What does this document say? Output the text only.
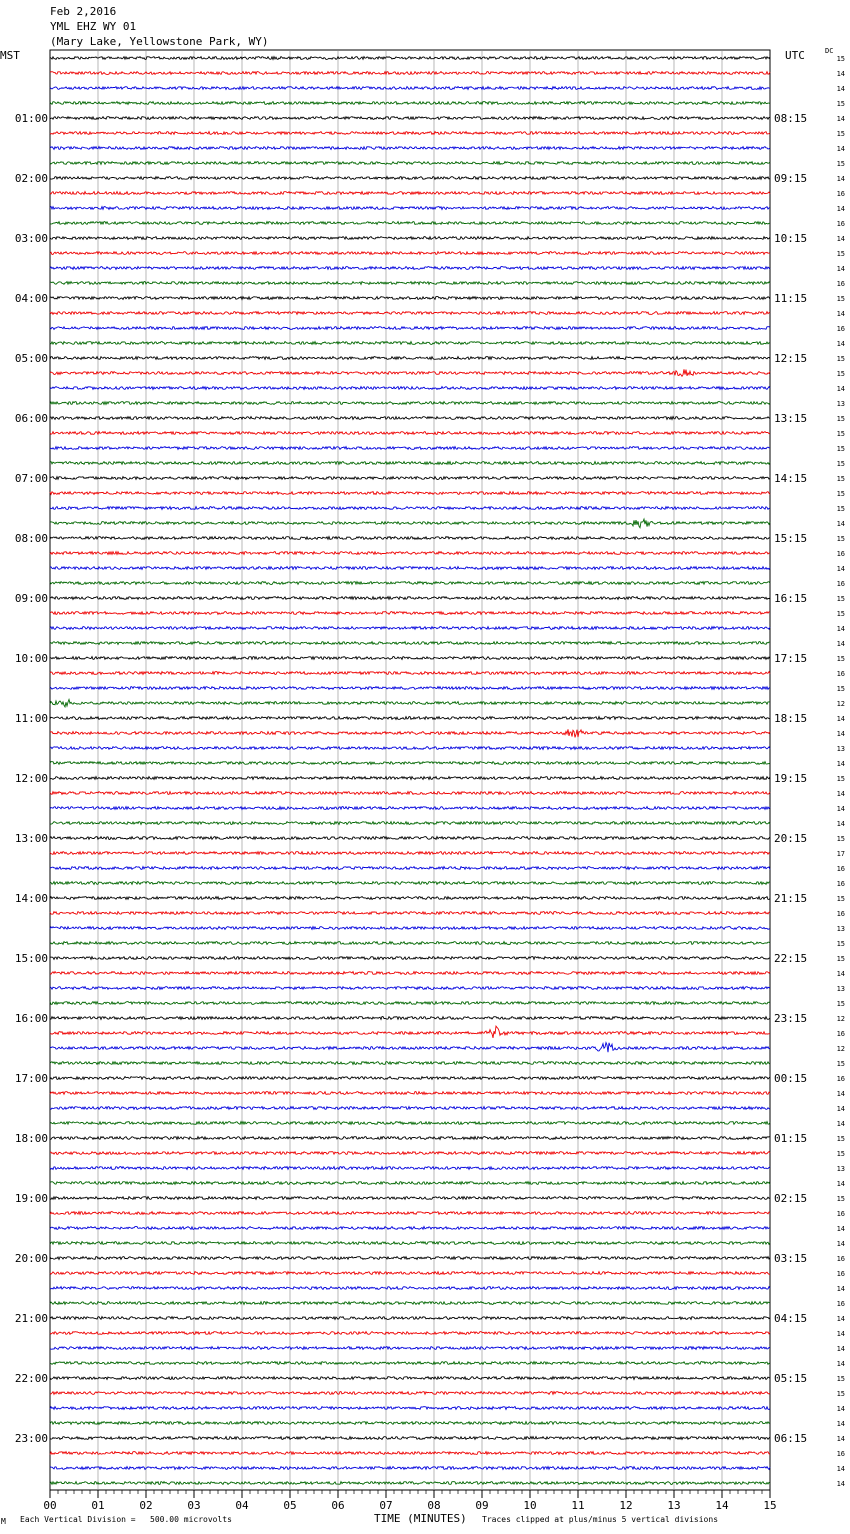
Feb 2,2016
YML EHZ WY 01
(Mary Lake, Yellowstone Park, WY)
MST	UTC	DC
15
14
14
15
14
15
14
15
14
16
14
16
14
15
14
16
15
14
16
14
15
15
14
13
15
15
15
15
15
15
15
14
15
16
14
16
15
15
14
14
15
16
15
12
14
14
13
14
15
14
14
14
15
17
16
16
15
16
13
15
15
14
13
15
12
16
12
15
16
14
14
14
15
15
13
14
15
16
14
14
16
16
14
16
14
14
14
14
15
15
14
14
14
16
14
14
01:00
02:00
03:00
04:00
05:00
06:00
07:00
08:00
09:00
10:00
11:00
12:00
13:00
14:00
15:00
16:00
17:00
18:00
19:00
20:00
21:00
22:00
23:00
08:15
09:15
10:15
11:15
12:15
13:15
14:15
15:15
16:15
17:15
18:15
19:15
20:15
21:15
22:15
23:15
00:15
01:15
02:15
03:15
04:15
05:15
06:15
00	01	02	03	04	05	06	07	08	09	10	11	12	13	14	15
M Each Vertical Division =   500.00 microvolts	TIME (MINUTES) Traces clipped at plus/minus 5 vertical divisions
